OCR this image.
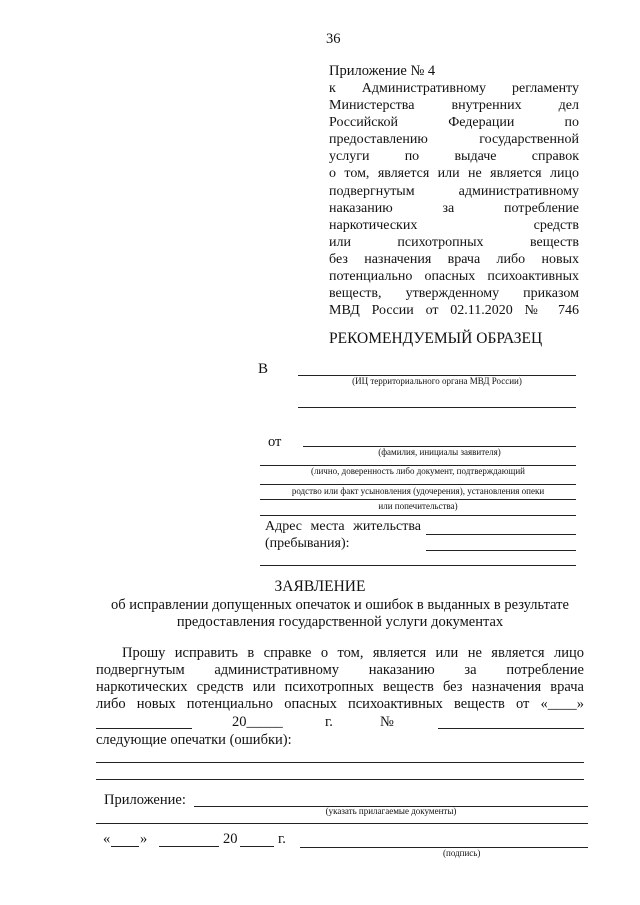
36
Приложение № 4
к Административному регламенту
Министерства внутренних дел
Российской Федерации по
предоставлению государственной
услуги по выдаче справок
о том, является или не является лицо
подвергнутым административному
наказанию за потребление
наркотических средств
или психотропных веществ
без назначения врача либо новых
потенциально опасных психоактивных
веществ, утвержденному приказом
МВД России от 02.11.2020 № 746
РЕКОМЕНДУЕМЫЙ ОБРАЗЕЦ
В
(ИЦ территориального органа МВД России)
от
(фамилия, инициалы заявителя)
(лично, доверенность либо документ, подтверждающий
родство или факт усыновления (удочерения), установления опеки
или попечительства)
Адрес места жительства
(пребывания):
ЗАЯВЛЕНИЕ
об исправлении допущенных опечаток и ошибок в выданных в результате
предоставления государственной услуги документах
Прошу исправить в справке о том, является или не является лицо
подвергнутым административному наказанию за потребление
наркотических средств или психотропных веществ без назначения врача
либо новых потенциально опасных психоактивных веществ от «____»
20_____	г.	№
следующие опечатки (ошибки):
Приложение:
(указать прилагаемые документы)
« »	20	г.
(подпись)
